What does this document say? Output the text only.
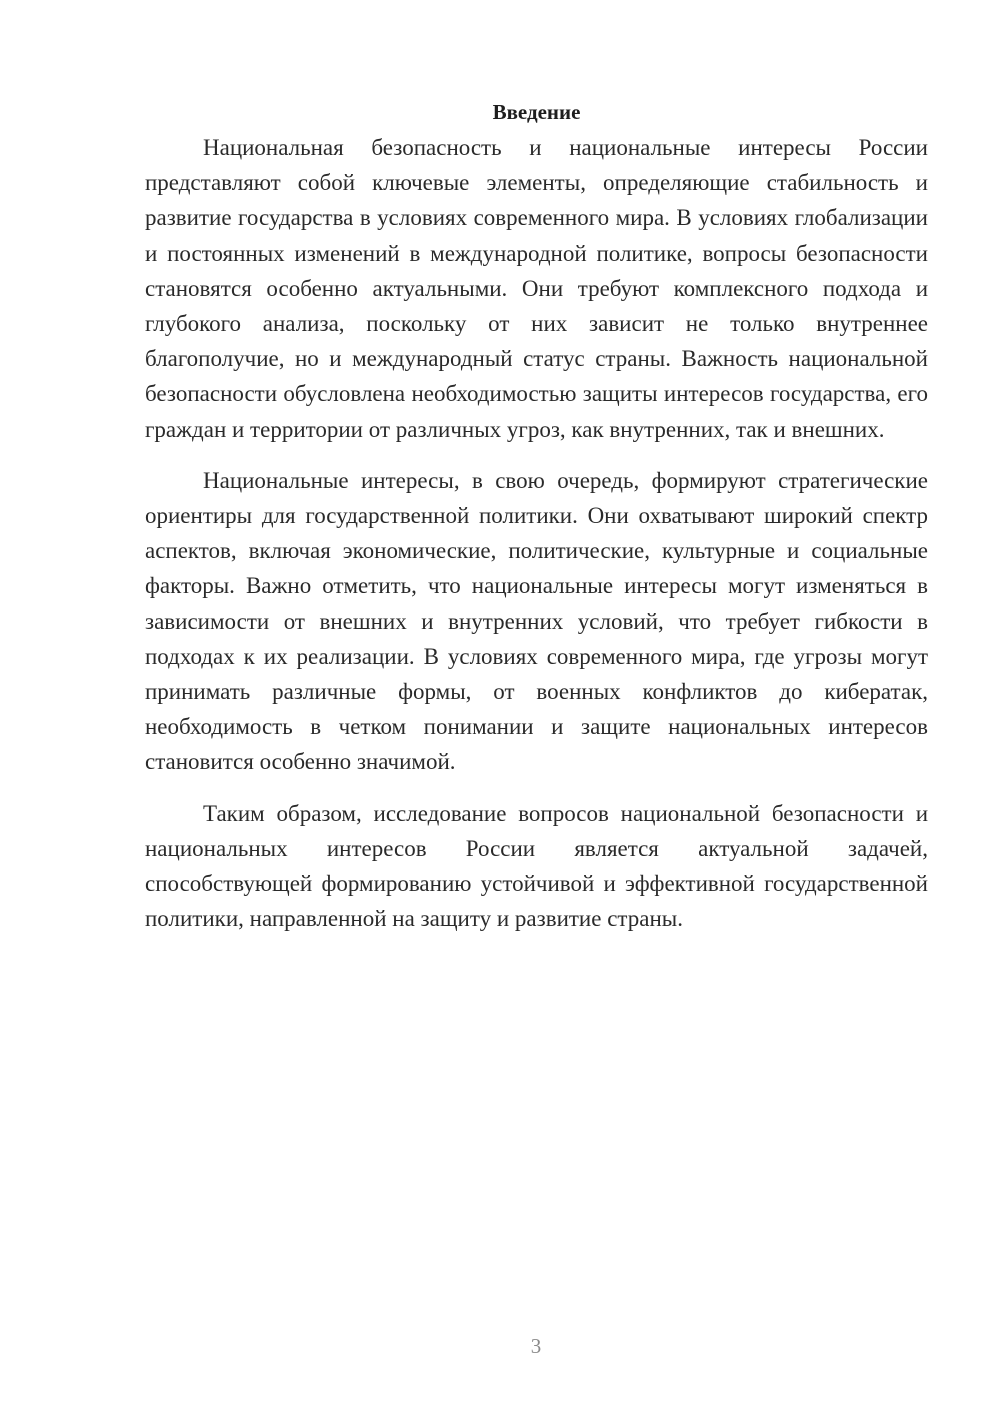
Введение

Национальная безопасность и национальные интересы России представляют собой ключевые элементы, определяющие стабильность и развитие государства в условиях современного мира. В условиях глобализации и постоянных изменений в международной политике, вопросы безопасности становятся особенно актуальными. Они требуют комплексного подхода и глубокого анализа, поскольку от них зависит не только внутреннее благополучие, но и международный статус страны. Важность национальной безопасности обусловлена необходимостью защиты интересов государства, его граждан и территории от различных угроз, как внутренних, так и внешних.

Национальные интересы, в свою очередь, формируют стратегические ориентиры для государственной политики. Они охватывают широкий спектр аспектов, включая экономические, политические, культурные и социальные факторы. Важно отметить, что национальные интересы могут изменяться в зависимости от внешних и внутренних условий, что требует гибкости в подходах к их реализации. В условиях современного мира, где угрозы могут принимать различные формы, от военных конфликтов до кибератак, необходимость в четком понимании и защите национальных интересов становится особенно значимой.

Таким образом, исследование вопросов национальной безопасности и национальных интересов России является актуальной задачей, способствующей формированию устойчивой и эффективной государственной политики, направленной на защиту и развитие страны.

3
